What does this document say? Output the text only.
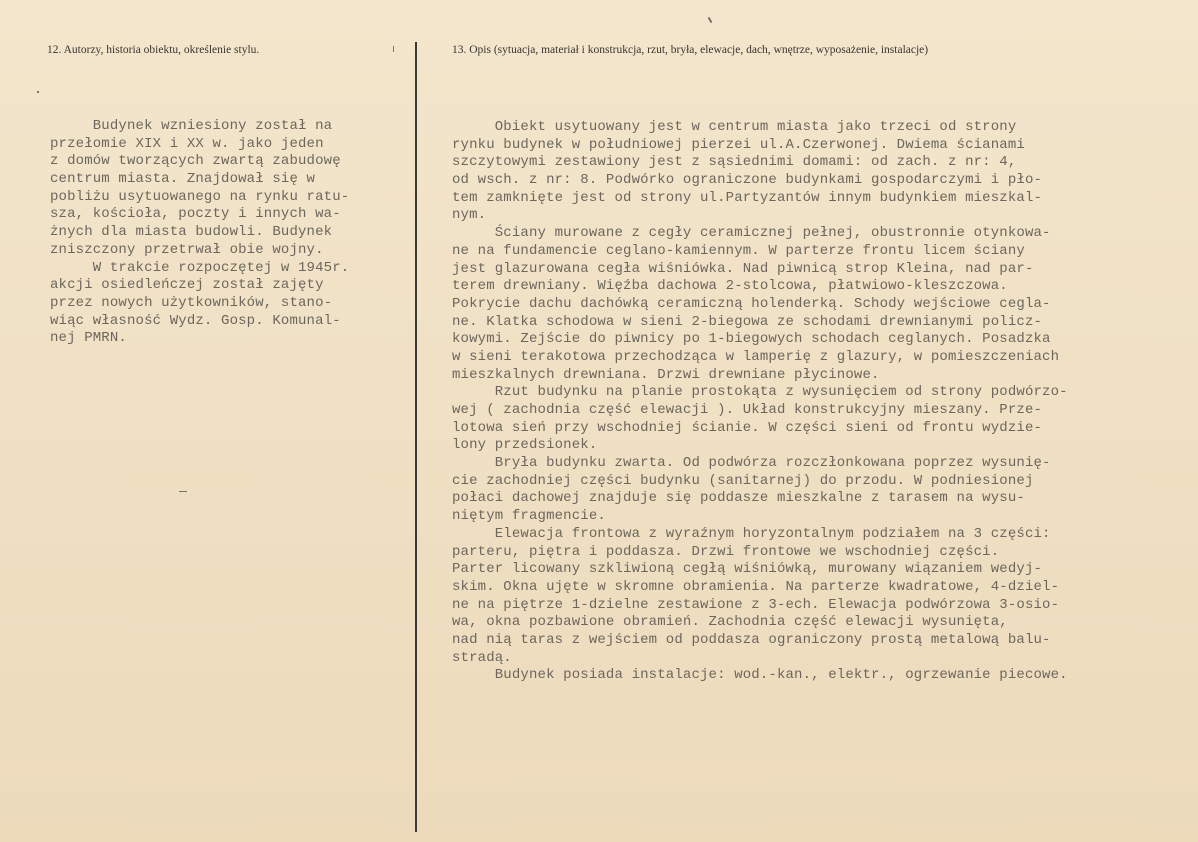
12. Autorzy, historia obiektu, określenie stylu.	13. Opis (sytuacja, materiał i konstrukcja, rzut, bryła, elewacje, dach, wnętrze, wyposażenie, instalacje)
Budynek wzniesiony został na
przełomie XIX i XX w. jako jeden
z domów tworzących zwartą zabudowę
centrum miasta. Znajdował się w
pobliżu usytuowanego na rynku ratu-
sza, kościoła, poczty i innych wa-
żnych dla miasta budowli. Budynek
zniszczony przetrwał obie wojny.
W trakcie rozpoczętej w 1945r.
akcji osiedleńczej został zajęty
przez nowych użytkowników, stano-
wiąc własność Wydz. Gosp. Komunal-
nej PMRN.
Obiekt usytuowany jest w centrum miasta jako trzeci od strony
rynku budynek w południowej pierzei ul.A.Czerwonej. Dwiema ścianami
szczytowymi zestawiony jest z sąsiednimi domami: od zach. z nr: 4,
od wsch. z nr: 8. Podwórko ograniczone budynkami gospodarczymi i pło-
tem zamknięte jest od strony ul.Partyzantów innym budynkiem mieszkal-
nym.
Ściany murowane z cegły ceramicznej pełnej, obustronnie otynkowa-
ne na fundamencie ceglano-kamiennym. W parterze frontu licem ściany
jest glazurowana cegła wiśniówka. Nad piwnicą strop Kleina, nad par-
terem drewniany. Więźba dachowa 2-stolcowa, płatwiowo-kleszczowa.
Pokrycie dachu dachówką ceramiczną holenderką. Schody wejściowe cegla-
ne. Klatka schodowa w sieni 2-biegowa ze schodami drewnianymi policz-
kowymi. Zejście do piwnicy po 1-biegowych schodach ceglanych. Posadzka
w sieni terakotowa przechodząca w lamperię z glazury, w pomieszczeniach
mieszkalnych drewniana. Drzwi drewniane płycinowe.
Rzut budynku na planie prostokąta z wysunięciem od strony podwórzo-
wej ( zachodnia część elewacji ). Układ konstrukcyjny mieszany. Prze-
lotowa sień przy wschodniej ścianie. W części sieni od frontu wydzie-
lony przedsionek.
Bryła budynku zwarta. Od podwórza rozczłonkowana poprzez wysunię-
cie zachodniej części budynku (sanitarnej) do przodu. W podniesionej
połaci dachowej znajduje się poddasze mieszkalne z tarasem na wysu-
niętym fragmencie.
Elewacja frontowa z wyraźnym horyzontalnym podziałem na 3 części:
parteru, piętra i poddasza. Drzwi frontowe we wschodniej części.
Parter licowany szkliwioną cegłą wiśniówką, murowany wiązaniem wedyj-
skim. Okna ujęte w skromne obramienia. Na parterze kwadratowe, 4-dziel-
ne na piętrze 1-dzielne zestawione z 3-ech. Elewacja podwórzowa 3-osio-
wa, okna pozbawione obramień. Zachodnia część elewacji wysunięta,
nad nią taras z wejściem od poddasza ograniczony prostą metalową balu-
stradą.
Budynek posiada instalacje: wod.-kan., elektr., ogrzewanie piecowe.
